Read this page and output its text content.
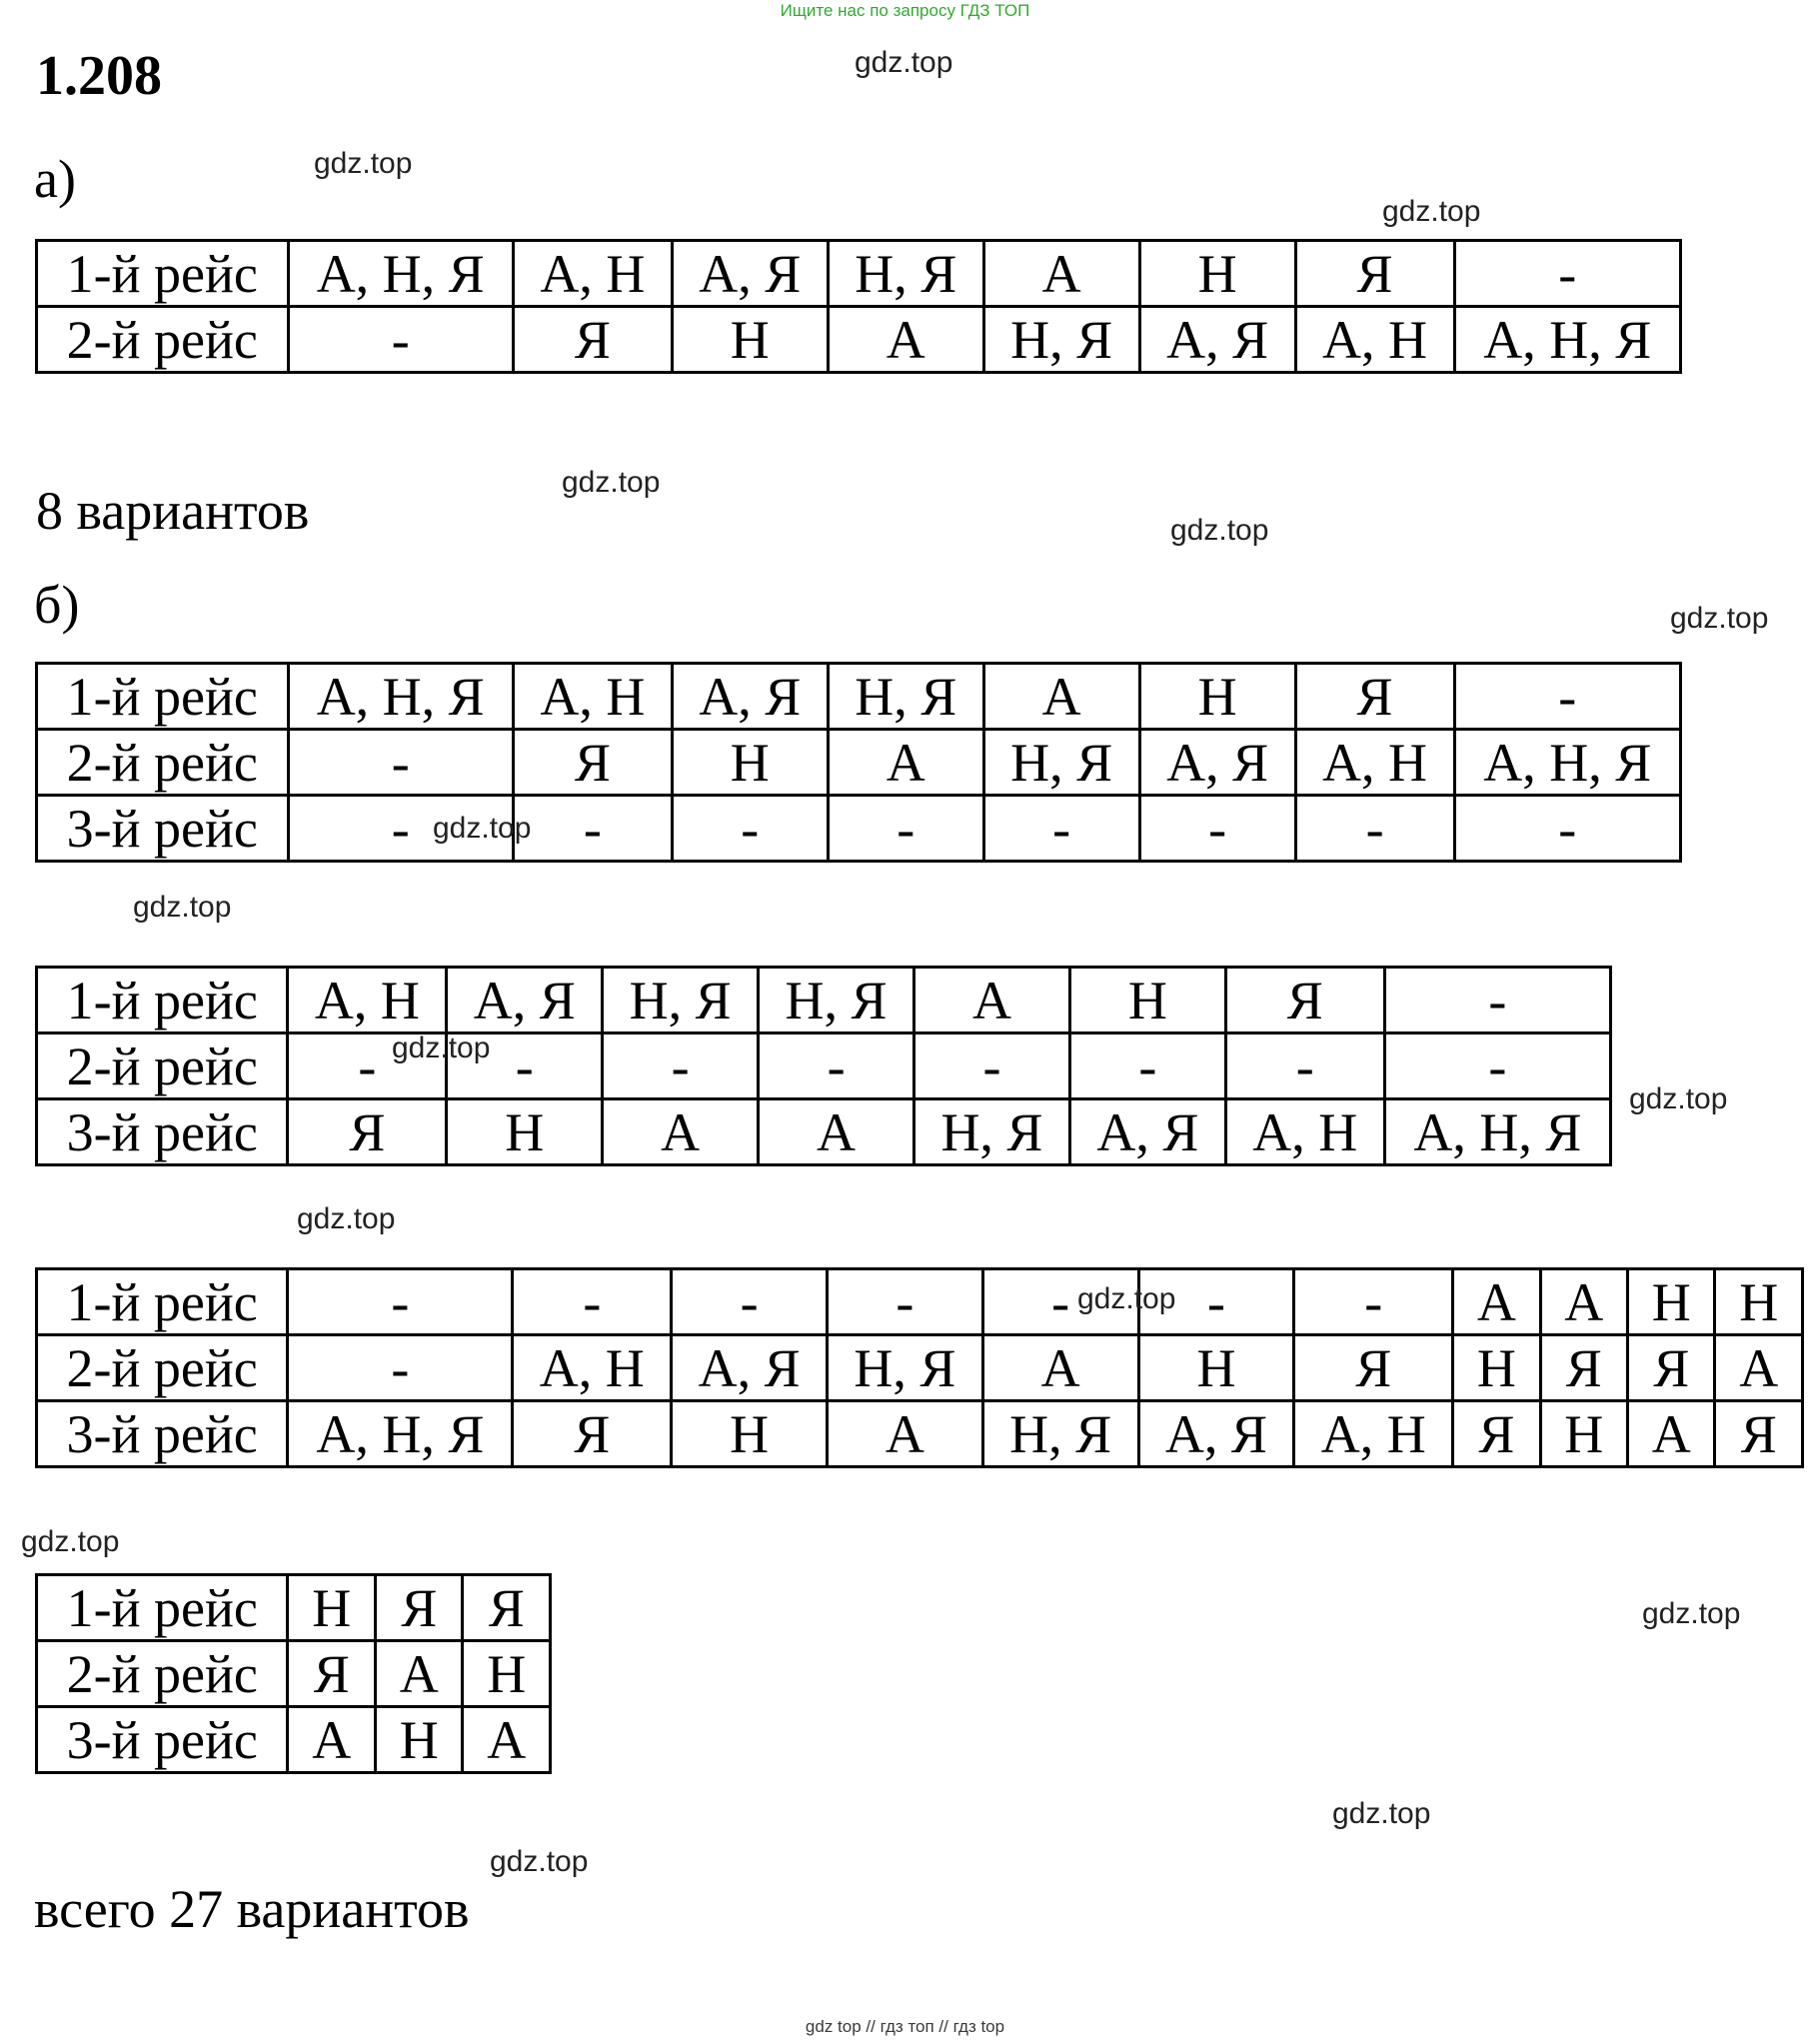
Ищите нас по запросу ГДЗ ТОП
1.208
а)
1-й рейс	А, Н, Я	А, Н	А, Я	Н, Я	А	Н	Я	-
2-й рейс	-	Я	Н	А	Н, Я	А, Я	А, Н	А, Н, Я
8 вариантов
б)
1-й рейс	А, Н, Я	А, Н	А, Я	Н, Я	А	Н	Я	-
2-й рейс	-	Я	Н	А	Н, Я	А, Я	А, Н	А, Н, Я
3-й рейс	-	-	-	-	-	-	-	-
1-й рейс	А, Н	А, Я	Н, Я	Н, Я	А	Н	Я	-
2-й рейс	-	-	-	-	-	-	-	-
3-й рейс	Я	Н	А	А	Н, Я	А, Я	А, Н	А, Н, Я
1-й рейс	-	-	-	-	-	-	-	А	А	Н	Н
2-й рейс	-	А, Н	А, Я	Н, Я	А	Н	Я	Н	Я	Я	А
3-й рейс	А, Н, Я	Я	Н	А	Н, Я	А, Я	А, Н	Я	Н	А	Я
1-й рейс	Н	Я	Я
2-й рейс	Я	А	Н
3-й рейс	А	Н	А
всего 27 вариантов
gdz.top
gdz.top
gdz.top
gdz.top
gdz.top
gdz.top
gdz.top
gdz.top
gdz.top
gdz.top
gdz.top
gdz.top
gdz.top
gdz.top
gdz.top
gdz.top
gdz top // гдз топ // гдз top
